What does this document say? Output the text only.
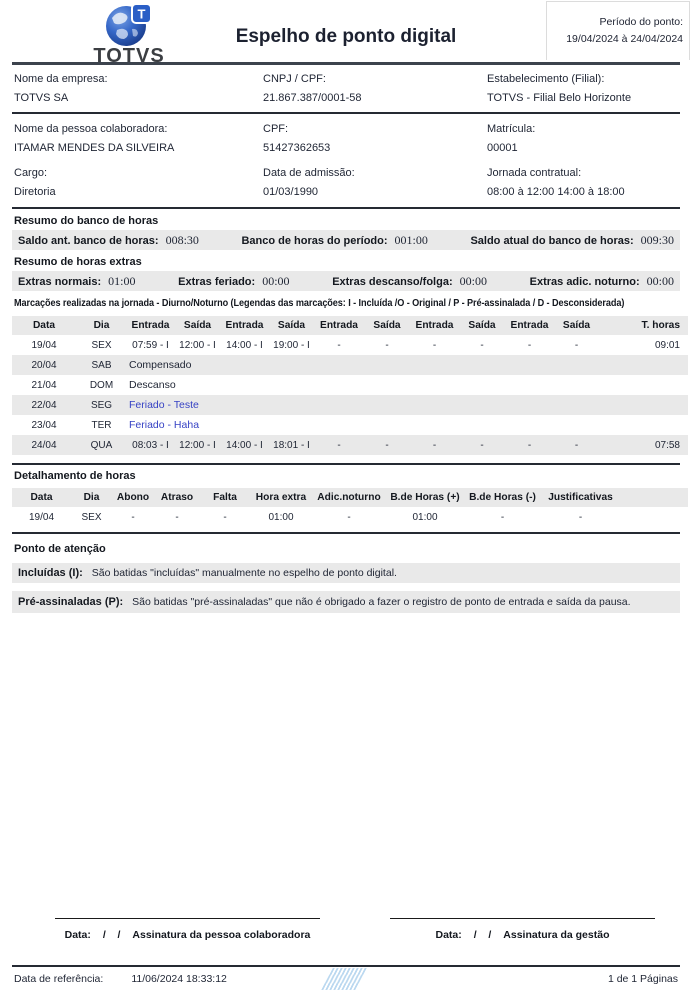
T
TOTVS
Espelho de ponto digital
Período do ponto:
19/04/2024 à 24/04/2024
Nome da empresa:
TOTVS SA
CNPJ / CPF:
21.867.387/0001-58
Estabelecimento (Filial):
TOTVS - Filial Belo Horizonte
Nome da pessoa colaboradora:
ITAMAR MENDES DA SILVEIRA
CPF:
51427362653
Matrícula:
00001
Cargo:
Diretoria
Data de admissão:
01/03/1990
Jornada contratual:
08:00 à 12:00 14:00 à 18:00
Resumo do banco de horas
Saldo ant. banco de horas: 008:30	Banco de horas do período: 001:00	Saldo atual do banco de horas: 009:30
Resumo de horas extras
Extras normais: 01:00	Extras feriado: 00:00	Extras descanso/folga: 00:00	Extras adic. noturno: 00:00
Marcações realizadas na jornada - Diurno/Noturno (Legendas das marcações: I - Incluída /O - Original / P - Pré-assinalada / D - Desconsiderada)
Data	Dia	Entrada	Saída	Entrada	Saída	Entrada	Saída	Entrada	Saída	Entrada	Saída	T. horas
19/04	SEX	07:59 - I	12:00 - I	14:00 - I	19:00 - I	-	-	-	-	-	-	09:01
20/04	SAB	Compensado										
21/04	DOM	Descanso										
22/04	SEG	Feriado - Teste										
23/04	TER	Feriado - Haha										
24/04	QUA	08:03 - I	12:00 - I	14:00 - I	18:01 - I	-	-	-	-	-	-	07:58
Detalhamento de horas
Data	Dia	Abono	Atraso	Falta	Hora extra	Adic.noturno	B.de Horas (+)	B.de Horas (-)	Justificativas	
19/04	SEX	-	-	-	01:00	-	01:00	-	-	
Ponto de atenção
Incluídas (I): São batidas "incluídas" manualmente no espelho de ponto digital.
Pré-assinaladas (P): São batidas "pré-assinaladas" que não é obrigado a fazer o registro de ponto de entrada e saída da pausa.
Data: /    / Assinatura da pessoa colaboradora	Data: /    / Assinatura da gestão
Data de referência:	11/06/2024 18:33:12	1 de 1 Páginas
